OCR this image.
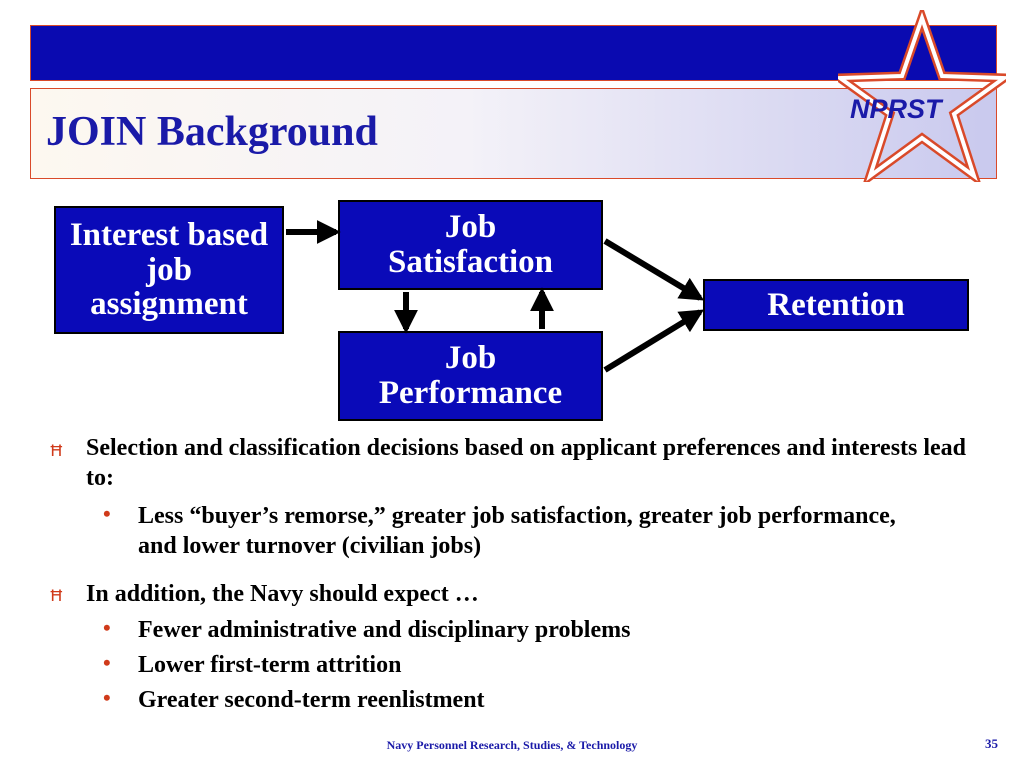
JOIN Background	NPRST
Interest based job assignment
Job Satisfaction
Job Performance
Retention
Ħ Selection and classification decisions based on applicant preferences and interests lead to:
• Less “buyer’s remorse,” greater job satisfaction, greater job performance, and lower turnover (civilian jobs)
Ħ In addition, the Navy should expect …
• Fewer administrative and disciplinary problems
• Lower first-term attrition
• Greater second-term reenlistment
Navy Personnel Research, Studies, & Technology	35
